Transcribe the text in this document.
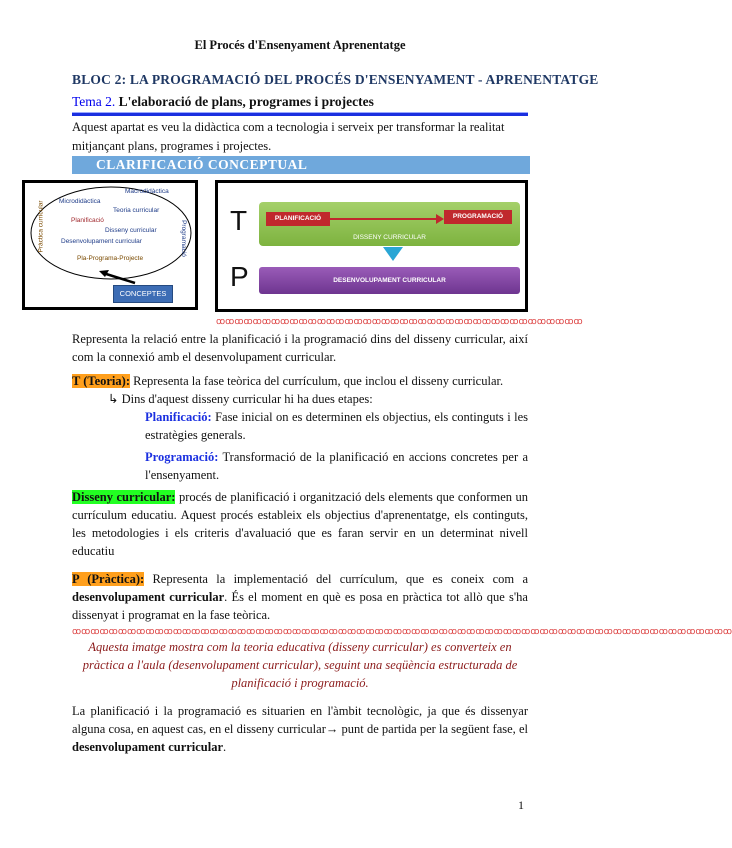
El Procés d'Ensenyament Aprenentatge
BLOC 2: LA PROGRAMACIÓ DEL PROCÉS D'ENSENYAMENT - APRENENTATGE
Tema 2. L'elaboració de plans, programes i projectes
Aquest apartat es veu la didàctica com a tecnologia i serveix per transformar la realitat mitjançant plans, programes i projectes.
CLARIFICACIÓ CONCEPTUAL
Macrodidàctica
Microdidàctica
Teoria curricular
Planificació
Disseny curricular
Desenvolupament curricular
Pla-Programa-Projecte
Pràctica curricular	Programació
CONCEPTES
T
P
PLANIFICACIÓ	PROGRAMACIÓ
DISSENY CURRICULAR
DESENVOLUPAMENT CURRICULAR
ꝏꝏꝏꝏꝏꝏꝏꝏꝏꝏꝏꝏꝏꝏꝏꝏꝏꝏꝏꝏꝏꝏꝏꝏꝏꝏꝏꝏꝏꝏꝏꝏꝏꝏꝏꝏꝏꝏꝏꝏ
Representa la relació entre la planificació i la programació dins del disseny curricular, així com la connexió amb el desenvolupament curricular.
T (Teoria): Representa la fase teòrica del currículum, que inclou el disseny curricular.
↳ Dins d'aquest disseny curricular hi ha dues etapes:
Planificació: Fase inicial on es determinen els objectius, els continguts i les estratègies generals.
Programació: Transformació de la planificació en accions concretes per a l'ensenyament.
Disseny curricular: procés de planificació i organització dels elements que conformen un currículum educatiu. Aquest procés estableix els objectius d'aprenentatge, els continguts, les metodologies i els criteris d'avaluació que es faran servir en un determinat nivell educatiu
P (Pràctica): Representa la implementació del currículum, que es coneix com a desenvolupament curricular. És el moment en què es posa en pràctica tot allò que s'ha dissenyat i programat en la fase teòrica.
ꝏꝏꝏꝏꝏꝏꝏꝏꝏꝏꝏꝏꝏꝏꝏꝏꝏꝏꝏꝏꝏꝏꝏꝏꝏꝏꝏꝏꝏꝏꝏꝏꝏꝏꝏꝏꝏꝏꝏꝏꝏꝏꝏꝏꝏꝏꝏꝏꝏꝏꝏꝏꝏꝏꝏꝏꝏꝏꝏꝏꝏꝏꝏꝏꝏꝏꝏꝏꝏꝏꝏꝏ
Aquesta imatge mostra com la teoria educativa (disseny curricular) es converteix en pràctica a l'aula (desenvolupament curricular), seguint una seqüència estructurada de planificació i programació.
La planificació i la programació es situarien en l'àmbit tecnològic, ja que és dissenyar alguna cosa, en aquest cas, en el disseny curricular→ punt de partida per la següent fase, el desenvolupament curricular.
1
